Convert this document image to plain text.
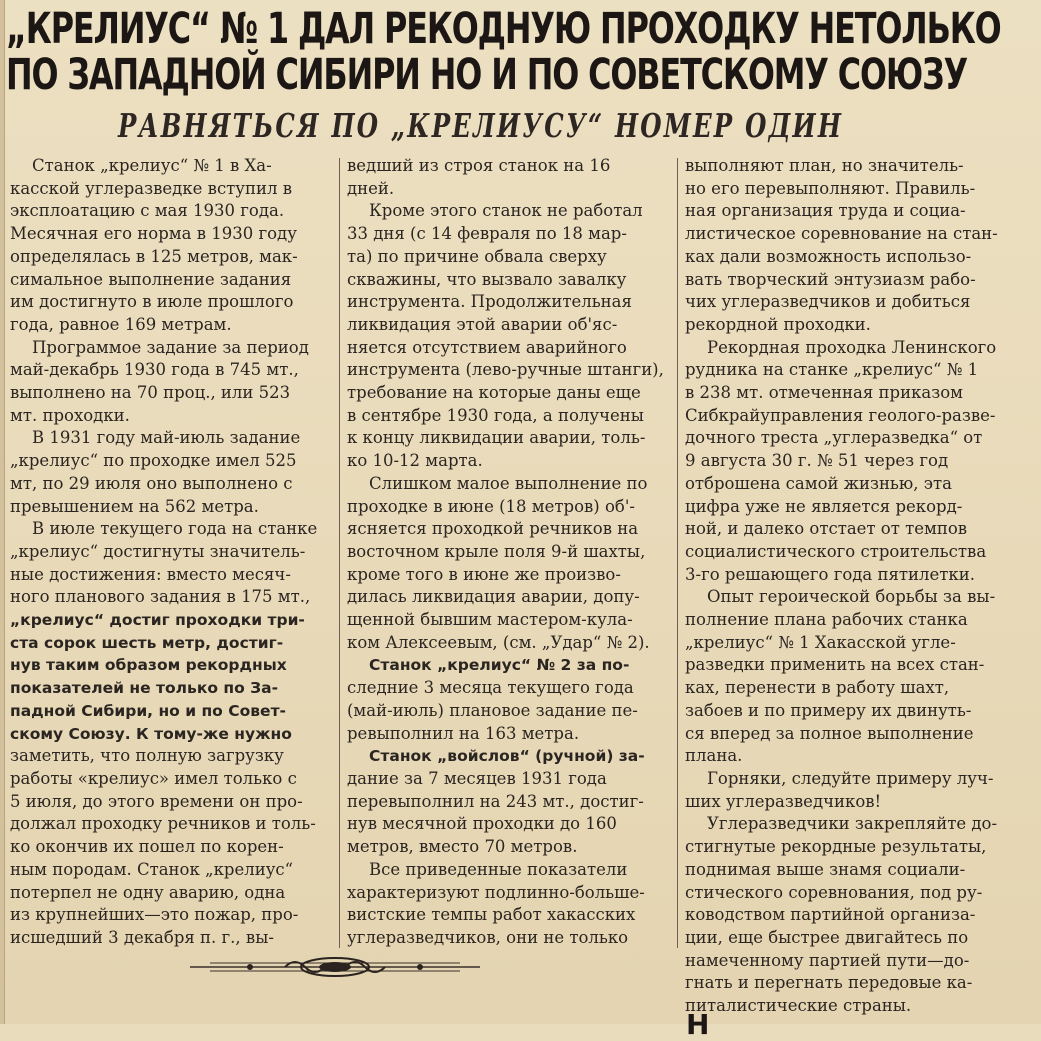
„КРЕЛИУС“ № 1 ДАЛ РЕКОДНУЮ ПРОХОДКУ НЕТОЛЬКО
ПО ЗАПАДНОЙ СИБИРИ НО И ПО СОВЕТСКОМУ СОЮЗУ
РАВНЯТЬСЯ ПО „КРЕЛИУСУ“ НОМЕР ОДИН
Станок „крелиус“ № 1 в Ха-
касской углеразведке вступил в
эксплоатацию с мая 1930 года.
Месячная его норма в 1930 году
определялась в 125 метров, мак-
симальное выполнение задания
им достигнуто в июле прошлого
года, равное 169 метрам.
Программое задание за период
май-декабрь 1930 года в 745 мт.,
выполнено на 70 проц., или 523
мт. проходки.
В 1931 году май-июль задание
„крелиус“ по проходке имел 525
мт, по 29 июля оно выполнено с
превышением на 562 метра.
В июле текущего года на станке
„крелиус“ достигнуты значитель-
ные достижения: вместо месяч-
ного планового задания в 175 мт.,
„крелиус“ достиг проходки три-
ста сорок шесть метр, достиг-
нув таким образом рекордных
показателей не только по За-
падной Сибири, но и по Совет-
скому Союзу. К тому-же нужно
заметить, что полную загрузку
работы «крелиус» имел только с
5 июля, до этого времени он про-
должал проходку речников и толь-
ко окончив их пошел по корен-
ным породам. Станок „крелиус“
потерпел не одну аварию, одна
из крупнейших—это пожар, про-
исшедший 3 декабря п. г., вы-
ведший из строя станок на 16
дней.
Кроме этого станок не работал
33 дня (с 14 февраля по 18 мар-
та) по причине обвала сверху
скважины, что вызвало завалку
инструмента. Продолжительная
ликвидация этой аварии об'яс-
няется отсутствием аварийного
инструмента (лево-ручные штанги),
требование на которые даны еще
в сентябре 1930 года, а получены
к концу ликвидации аварии, толь-
ко 10-12 марта.
Слишком малое выполнение по
проходке в июне (18 метров) об'-
ясняется проходкой речников на
восточном крыле поля 9-й шахты,
кроме того в июне же произво-
дилась ликвидация аварии, допу-
щенной бывшим мастером-кула-
ком Алексеевым, (см. „Удар“ № 2).
Станок „крелиус“ № 2 за по-
следние 3 месяца текущего года
(май-июль) плановое задание пе-
ревыполнил на 163 метра.
Станок „войслов“ (ручной) за-
дание за 7 месяцев 1931 года
перевыполнил на 243 мт., достиг-
нув месячной проходки до 160
метров, вместо 70 метров.
Все приведенные показатели
характеризуют подлинно-больше-
вистские темпы работ хакасских
углеразведчиков, они не только
выполняют план, но значитель-
но его перевыполняют. Правиль-
ная организация труда и социа-
листическое соревнование на стан-
ках дали возможность использо-
вать творческий энтузиазм рабо-
чих углеразведчиков и добиться
рекордной проходки.
Рекордная проходка Ленинского
рудника на станке „крелиус“ № 1
в 238 мт. отмеченная приказом
Сибкрайуправления геолого-разве-
дочного треста „углеразведка“ от
9 августа 30 г. № 51 через год
отброшена самой жизнью, эта
цифра уже не является рекорд-
ной, и далеко отстает от темпов
социалистического строительства
3-го решающего года пятилетки.
Опыт героической борьбы за вы-
полнение плана рабочих станка
„крелиус“ № 1 Хакасской угле-
разведки применить на всех стан-
ках, перенести в работу шахт,
забоев и по примеру их двинуть-
ся вперед за полное выполнение
плана.
Горняки, следуйте примеру луч-
ших углеразведчиков!
Углеразведчики закрепляйте до-
стигнутые рекордные результаты,
поднимая выше знамя социали-
стического соревнования, под ру-
ководством партийной организа-
ции, еще быстрее двигайтесь по
намеченному партией пути—до-
гнать и перегнать передовые ка-
питалистические страны.
Н
